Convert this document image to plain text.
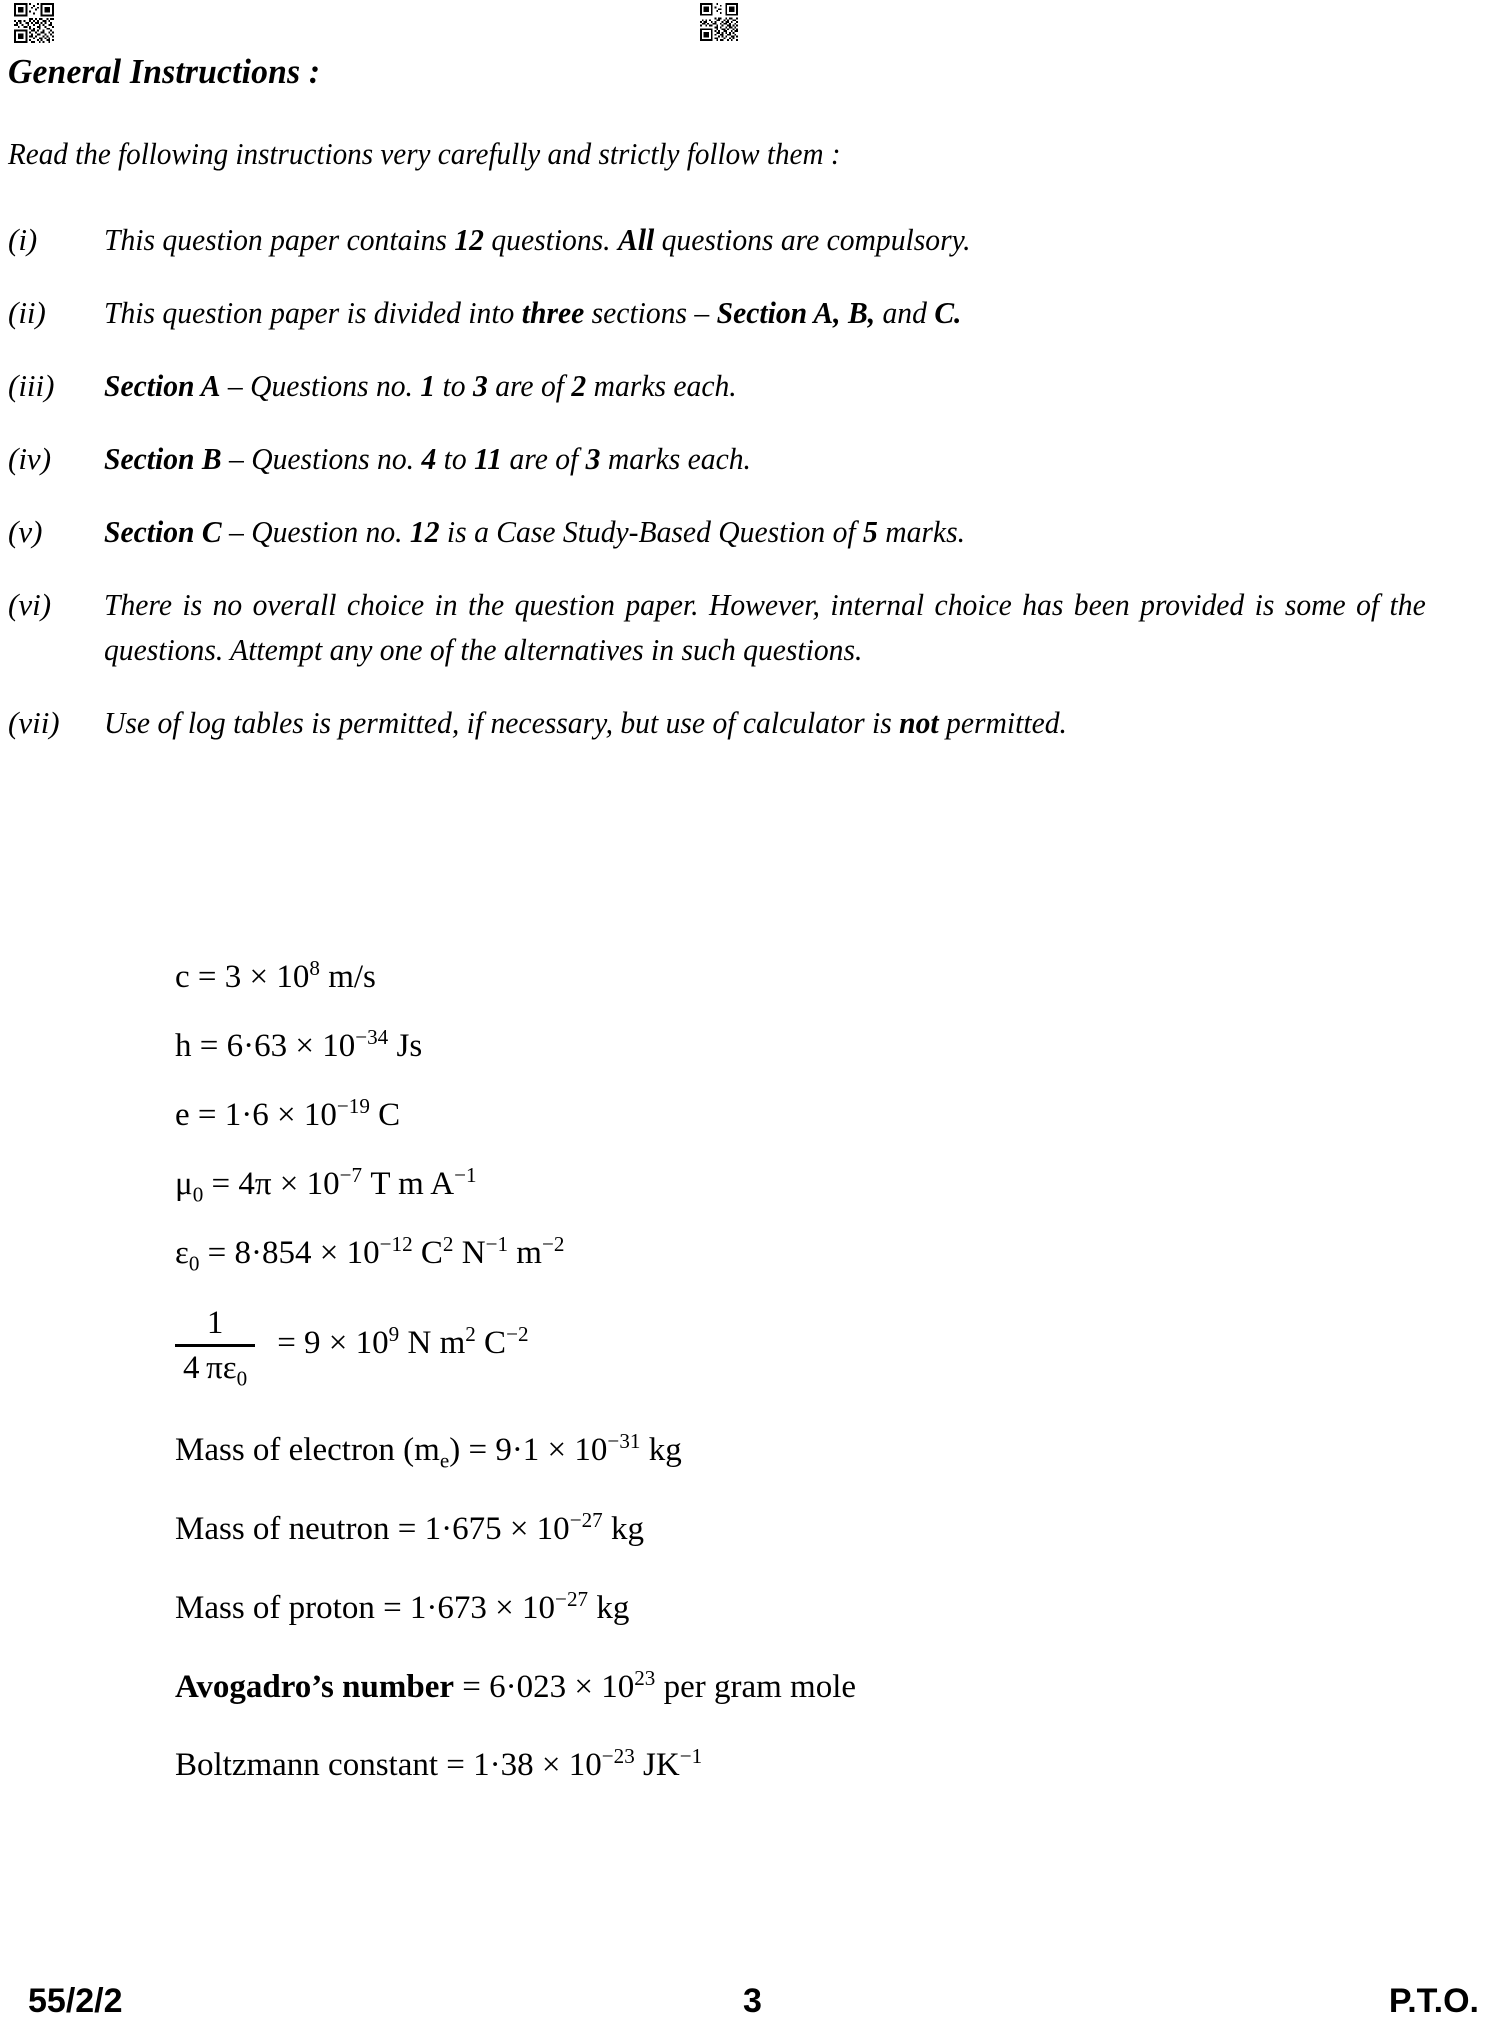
General Instructions :
Read the following instructions very carefully and strictly follow them :
(i)	This question paper contains 12 questions. All questions are compulsory.
(ii)	This question paper is divided into three sections – Section A, B, and C.
(iii)	Section A – Questions no. 1 to 3 are of 2 marks each.
(iv)	Section B – Questions no. 4 to 11 are of 3 marks each.
(v)	Section C – Question no. 12 is a Case Study-Based Question of 5 marks.
(vi)	There is no overall choice in the question paper. However, internal choice has been provided is some of the questions. Attempt any one of the alternatives in such questions.
(vii)	Use of log tables is permitted, if necessary, but use of calculator is not permitted.
$c = 3 \times 10^8$ m/s
$h = 6\cdot 63 \times 10^{-34}$ Js
$e = 1\cdot 6 \times 10^{-19}$ C
$\mu_0 = 4\pi \times 10^{-7}$ T m $A^{-1}$
$\varepsilon_0 = 8\cdot 854 \times 10^{-12}$ $C^2$ $N^{-1}$ $m^{-2}$
$\frac{1}{4 \pi\varepsilon_0} = 9 \times 10^9$ N $m^2$ $C^{-2}$
Mass of electron $(m_e) = 9\cdot 1 \times 10^{-31}$ kg
Mass of neutron = $1\cdot 675 \times 10^{-27}$ kg
Mass of proton = $1\cdot 673 \times 10^{-27}$ kg
Avogadro’s number = $6\cdot 023 \times 10^{23}$ per gram mole
Boltzmann constant = $1\cdot 38 \times 10^{-23}$ $JK^{-1}$
55/2/2	3	P.T.O.
